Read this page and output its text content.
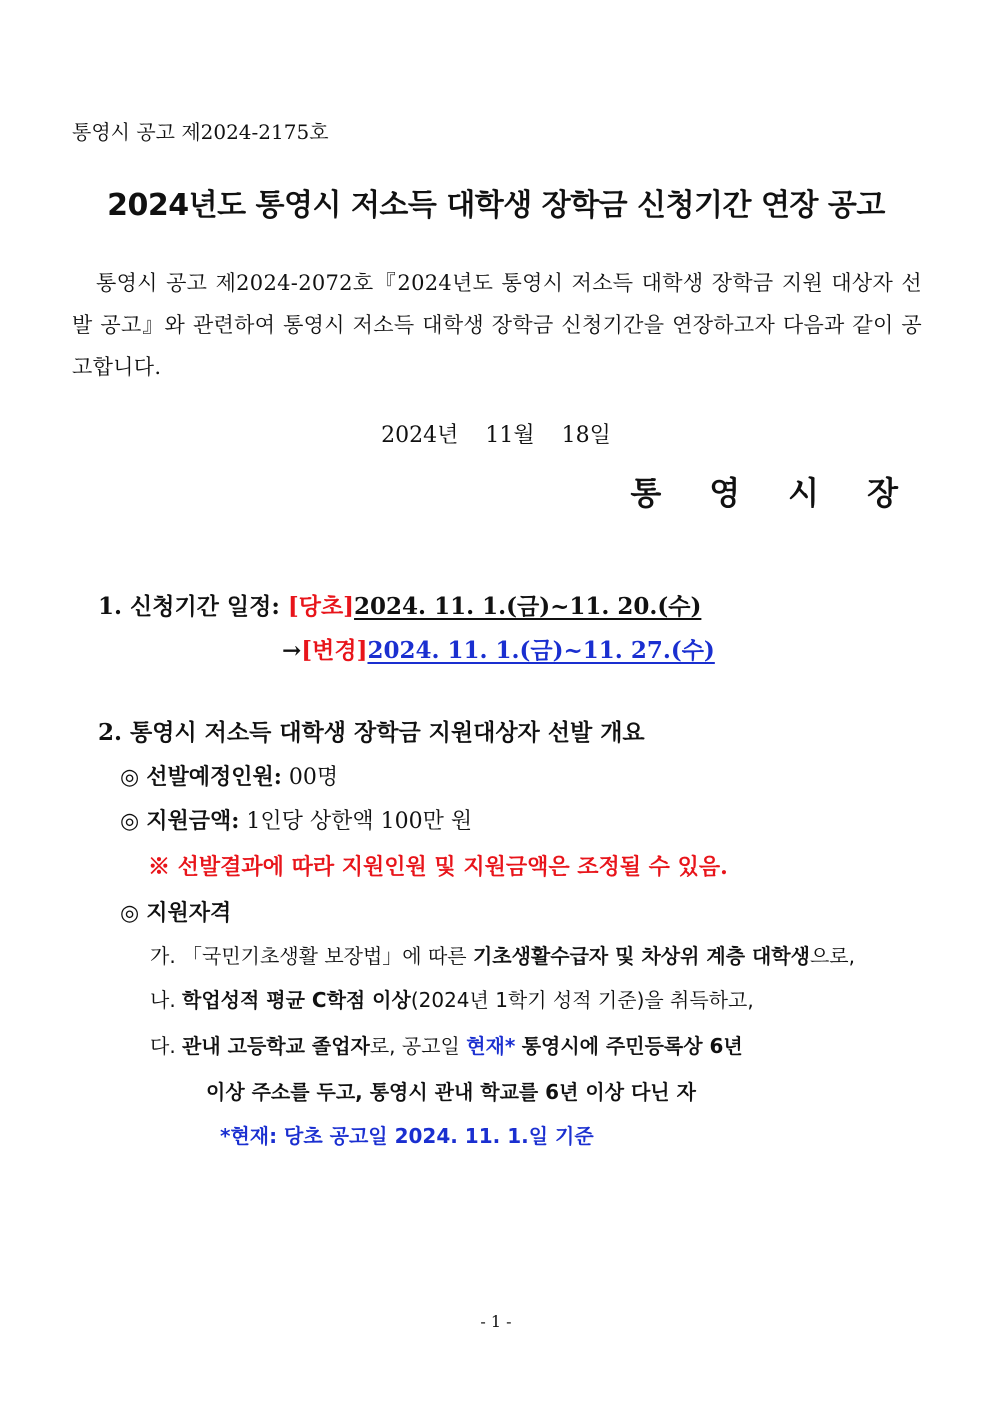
통영시 공고 제2024-2175호
2024년도 통영시 저소득 대학생 장학금 신청기간 연장 공고
통영시 공고 제2024-2072호『2024년도 통영시 저소득 대학생 장학금 지원 대상자 선발 공고』와 관련하여 통영시 저소득 대학생 장학금 신청기간을 연장하고자 다음과 같이 공고합니다.
2024년 11월 18일
통영시장
1. 신청기간 일정: [당초]2024. 11. 1.(금)~11. 20.(수)
→[변경]2024. 11. 1.(금)~11. 27.(수)
2. 통영시 저소득 대학생 장학금 지원대상자 선발 개요
◎ 선발예정인원: 00명
◎ 지원금액: 1인당 상한액 100만 원
※ 선발결과에 따라 지원인원 및 지원금액은 조정될 수 있음.
◎ 지원자격
가. 「국민기초생활 보장법」에 따른 기초생활수급자 및 차상위 계층 대학생으로,
나. 학업성적 평균 C학점 이상(2024년 1학기 성적 기준)을 취득하고,
다. 관내 고등학교 졸업자로, 공고일 현재* 통영시에 주민등록상 6년
이상 주소를 두고, 통영시 관내 학교를 6년 이상 다닌 자
*현재: 당초 공고일 2024. 11. 1.일 기준
- 1 -
